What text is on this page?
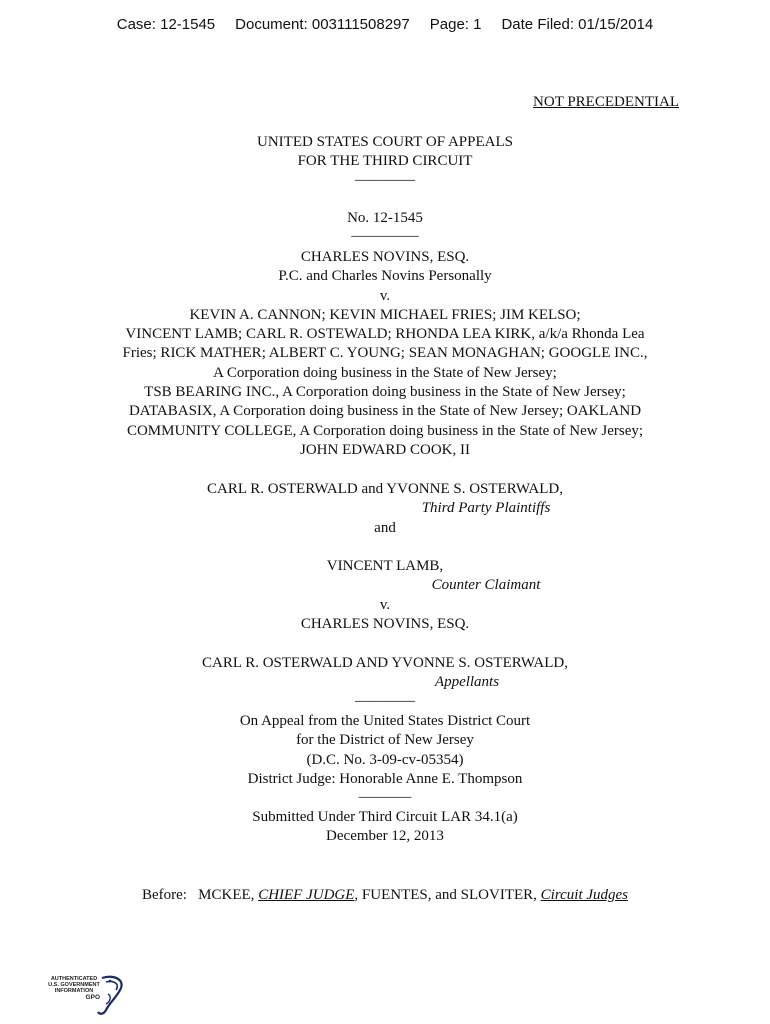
Case: 12-1545 Document: 003111508297 Page: 1 Date Filed: 01/15/2014
NOT PRECEDENTIAL
UNITED STATES COURT OF APPEALS
FOR THE THIRD CIRCUIT
________
No. 12-1545
_________
CHARLES NOVINS, ESQ.
P.C. and Charles Novins Personally
v.
KEVIN A. CANNON; KEVIN MICHAEL FRIES; JIM KELSO;
VINCENT LAMB; CARL R. OSTEWALD; RHONDA LEA KIRK, a/k/a Rhonda Lea
Fries; RICK MATHER; ALBERT C. YOUNG; SEAN MONAGHAN; GOOGLE INC.,
A Corporation doing business in the State of New Jersey;
TSB BEARING INC., A Corporation doing business in the State of New Jersey;
DATABASIX, A Corporation doing business in the State of New Jersey; OAKLAND
COMMUNITY COLLEGE, A Corporation doing business in the State of New Jersey;
JOHN EDWARD COOK, II
CARL R. OSTERWALD and YVONNE S. OSTERWALD,
Third Party Plaintiffs
and
VINCENT LAMB,
Counter Claimant
v.
CHARLES NOVINS, ESQ.
CARL R. OSTERWALD AND YVONNE S. OSTERWALD,
Appellants
________
On Appeal from the United States District Court
for the District of New Jersey
(D.C. No. 3-09-cv-05354)
District Judge: Honorable Anne E. Thompson
_______
Submitted Under Third Circuit LAR 34.1(a)
December 12, 2013
Before:   MCKEE, CHIEF JUDGE, FUENTES, and SLOVITER, Circuit Judges
AUTHENTICATED
U.S. GOVERNMENT
INFORMATION
GPO
